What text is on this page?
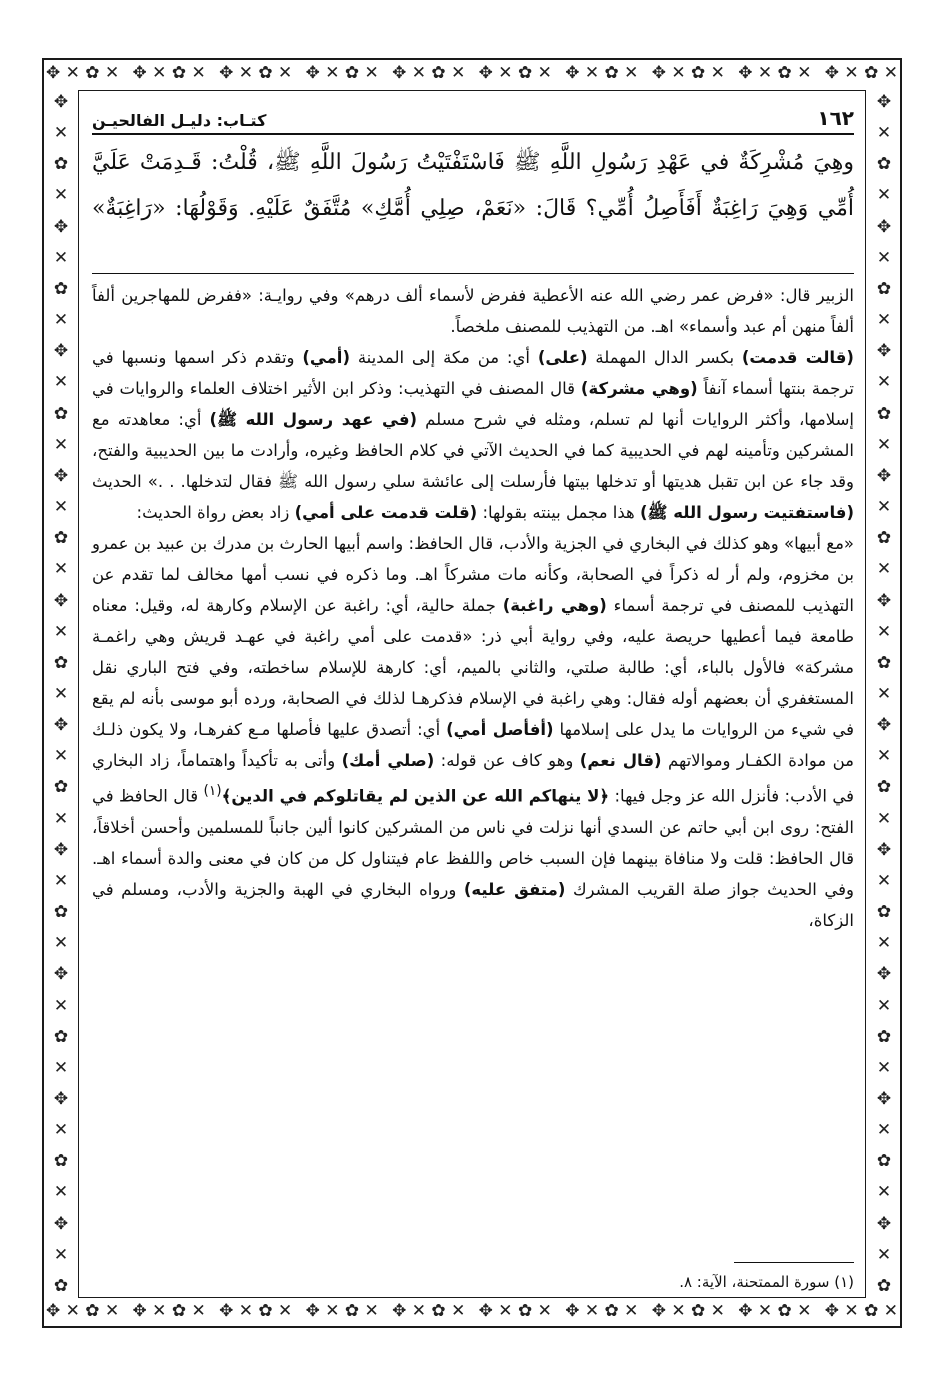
✥ ✕ ✿ ✕ ✥ ✕ ✿ ✕ ✥ ✕ ✿ ✕ ✥ ✕ ✿ ✕ ✥ ✕ ✿ ✕ ✥ ✕ ✿ ✕ ✥ ✕ ✿ ✕ ✥ ✕ ✿ ✕ ✥ ✕ ✿ ✕ ✥ ✕ ✿ ✕
✥ ✕ ✿ ✕ ✥ ✕ ✿ ✕ ✥ ✕ ✿ ✕ ✥ ✕ ✿ ✕ ✥ ✕ ✿ ✕ ✥ ✕ ✿ ✕ ✥ ✕ ✿ ✕ ✥ ✕ ✿ ✕ ✥ ✕ ✿ ✕ ✥ ✕ ✿ ✕
✥
✕
✿
✕
✥
✕
✿
✕
✥
✕
✿
✕
✥
✕
✿
✕
✥
✕
✿
✕
✥
✕
✿
✕
✥
✕
✿
✕
✥
✕
✿
✕
✥
✕
✿
✕
✥
✕
✿
✥
✕
✿
✕
✥
✕
✿
✕
✥
✕
✿
✕
✥
✕
✿
✕
✥
✕
✿
✕
✥
✕
✿
✕
✥
✕
✿
✕
✥
✕
✿
✕
✥
✕
✿
✕
✥
✕
✿
١٦٢
كتـاب: دليـل الفالحيـن

وهِيَ مُشْرِكَةٌ في عَهْدِ رَسُولِ اللَّهِ ﷺ فَاسْتَفْتَيْتُ رَسُولَ اللَّهِ ﷺ، قُلْتُ: قَـدِمَتْ عَلَيَّ

أُمِّي وَهِيَ رَاغِبَةٌ أَفَأَصِلُ أُمِّي؟ قَالَ: «نَعَمْ، صِلِي أُمَّكِ» مُتَّفَقٌ عَلَيْهِ. وَقَوْلُهَا: «رَاغِبَةٌ»

الزبير قال: «فرض عمر رضي الله عنه الأعطية ففرض لأسماء ألف درهم» وفي روايـة: «ففرض للمهاجرين ألفاً ألفاً منهن أم عبد وأسماء» اهـ. من التهذيب للمصنف ملخصاً.

(قالت قدمت) بكسر الدال المهملة (على) أي: من مكة إلى المدينة (أمي) وتقدم ذكر اسمها ونسبها في ترجمة بنتها أسماء آنفاً (وهي مشركة) قال المصنف في التهذيب: وذكر ابن الأثير اختلاف العلماء والروايات في إسلامها، وأكثر الروايات أنها لم تسلم، ومثله في شرح مسلم (في عهد رسول الله ﷺ) أي: معاهدته مع المشركين وتأمينه لهم في الحديبية كما في الحديث الآتي في كلام الحافظ وغيره، وأرادت ما بين الحديبية والفتح، وقد جاء عن ابن تقبل هديتها أو تدخلها بيتها فأرسلت إلى عائشة سلي رسول الله ﷺ فقال لتدخلها. . .» الحديث (فاستفتيت رسول الله ﷺ) هذا مجمل بينته بقولها: (قلت قدمت على أمي) زاد بعض رواة الحديث:

«مع أبيها» وهو كذلك في البخاري في الجزية والأدب، قال الحافظ: واسم أبيها الحارث بن مدرك بن عبيد بن عمرو بن مخزوم، ولم أر له ذكراً في الصحابة، وكأنه مات مشركاً اهـ. وما ذكره في نسب أمها مخالف لما تقدم عن التهذيب للمصنف في ترجمة أسماء (وهي راغبة) جملة حالية، أي: راغبة عن الإسلام وكارهة له، وقيل: معناه طامعة فيما أعطيها حريصة عليه، وفي رواية أبي ذر: «قدمت على أمي راغبة في عهـد قريش وهي راغمـة مشركة» فالأول بالباء، أي: طالبة صلتي، والثاني بالميم، أي: كارهة للإسلام ساخطته، وفي فتح الباري نقل المستغفري أن بعضهم أوله فقال: وهي راغبة في الإسلام فذكرهـا لذلك في الصحابة، ورده أبو موسى بأنه لم يقع في شيء من الروايات ما يدل على إسلامها (أفأصل أمي) أي: أتصدق عليها فأصلها مـع كفرهـا، ولا يكون ذلـك من موادة الكفـار وموالاتهم (قال نعم) وهو كاف عن قوله: (صلي أمك) وأتى به تأكيداً واهتماماً، زاد البخاري في الأدب: فأنزل الله عز وجل فيها: ﴿لا ينهاكم الله عن الذين لم يقاتلوكم في الدين﴾$^{(١)}$ قال الحافظ في الفتح: روى ابن أبي حاتم عن السدي أنها نزلت في ناس من المشركين كانوا ألين جانباً للمسلمين وأحسن أخلاقاً، قال الحافظ: قلت ولا منافاة بينهما فإن السبب خاص واللفظ عام فيتناول كل من كان في معنى والدة أسماء اهـ. وفي الحديث جواز صلة القريب المشرك (متفق عليه) ورواه البخاري في الهبة والجزية والأدب، ومسلم في الزكاة،

(١) سورة الممتحنة، الآية: ٨.
